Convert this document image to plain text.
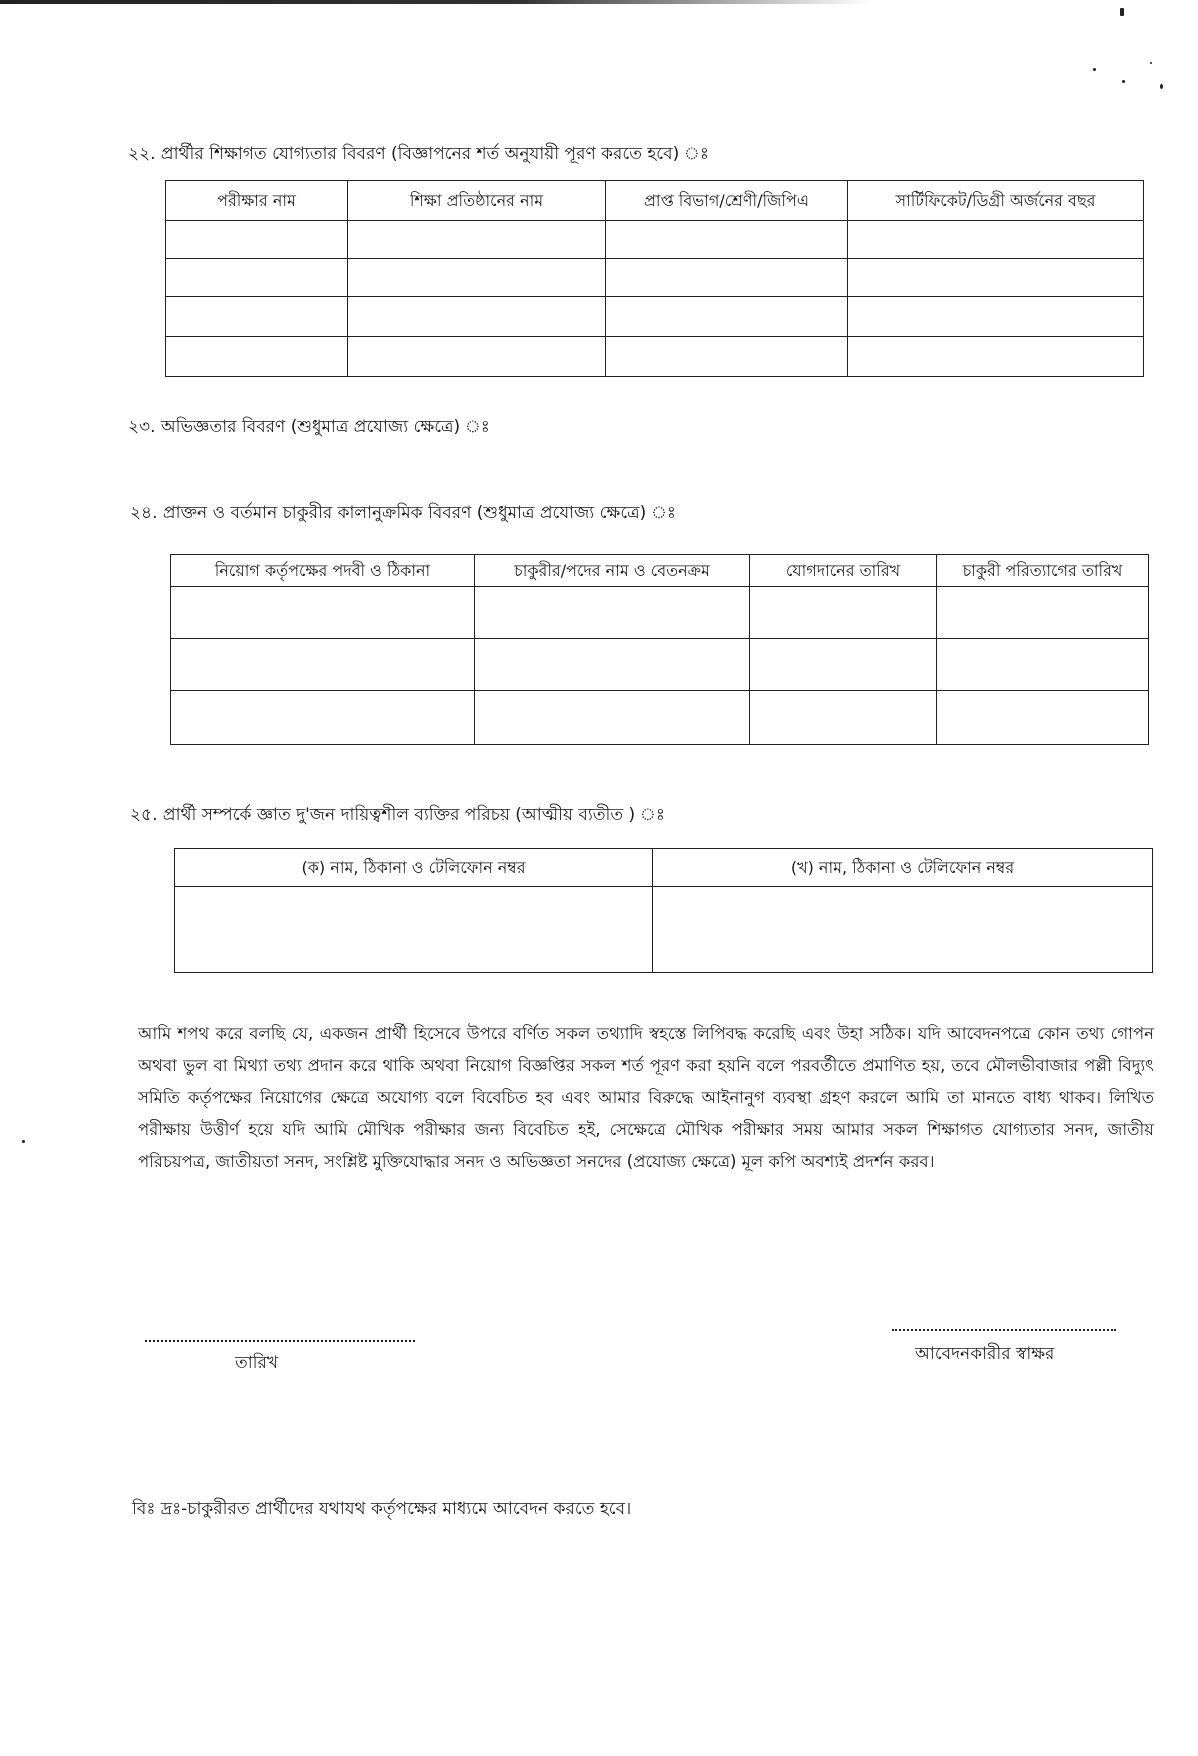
২২. প্রার্থীর শিক্ষাগত যোগ্যতার বিবরণ (বিজ্ঞাপনের শর্ত অনুযায়ী পূরণ করতে হবে) ঃ
পরীক্ষার নাম	শিক্ষা প্রতিষ্ঠানের নাম	প্রাপ্ত বিভাগ/শ্রেণী/জিপিএ	সার্টিফিকেট/ডিগ্রী অর্জনের বছর

২৩. অভিজ্ঞতার বিবরণ (শুধুমাত্র প্রযোজ্য ক্ষেত্রে) ঃ
২৪. প্রাক্তন ও বর্তমান চাকুরীর কালানুক্রমিক বিবরণ (শুধুমাত্র প্রযোজ্য ক্ষেত্রে) ঃ
নিয়োগ কর্তৃপক্ষের পদবী ও ঠিকানা	চাকুরীর/পদের নাম ও বেতনক্রম	যোগদানের তারিখ	চাকুরী পরিত্যাগের তারিখ

২৫. প্রার্থী সম্পর্কে জ্ঞাত দু'জন দায়িত্বশীল ব্যক্তির পরিচয় (আত্মীয় ব্যতীত ) ঃ
(ক) নাম, ঠিকানা ও টেলিফোন নম্বর	(খ) নাম, ঠিকানা ও টেলিফোন নম্বর

আমি শপথ করে বলছি যে, একজন প্রার্থী হিসেবে উপরে বর্ণিত সকল তথ্যাদি স্বহস্তে লিপিবদ্ধ করেছি এবং উহা সঠিক। যদি আবেদনপত্রে কোন তথ্য গোপন অথবা ভুল বা মিথ্যা তথ্য প্রদান করে থাকি অথবা নিয়োগ বিজ্ঞপ্তির সকল শর্ত পূরণ করা হয়নি বলে পরবর্তীতে প্রমাণিত হয়, তবে মৌলভীবাজার পল্লী বিদ্যুৎ সমিতি কর্তৃপক্ষের নিয়োগের ক্ষেত্রে অযোগ্য বলে বিবেচিত হব এবং আমার বিরুদ্ধে আইনানুগ ব্যবস্থা গ্রহণ করলে আমি তা মানতে বাধ্য থাকব। লিখিত পরীক্ষায় উত্তীর্ণ হয়ে যদি আমি মৌখিক পরীক্ষার জন্য বিবেচিত হই, সেক্ষেত্রে মৌখিক পরীক্ষার সময় আমার সকল শিক্ষাগত যোগ্যতার সনদ, জাতীয় পরিচয়পত্র, জাতীয়তা সনদ, সংশ্লিষ্ট মুক্তিযোদ্ধার সনদ ও অভিজ্ঞতা সনদের (প্রযোজ্য ক্ষেত্রে) মূল কপি অবশ্যই প্রদর্শন করব।
তারিখ	আবেদনকারীর স্বাক্ষর
বিঃ দ্রঃ-চাকুরীরত প্রার্থীদের যথাযথ কর্তৃপক্ষের মাধ্যমে আবেদন করতে হবে।
